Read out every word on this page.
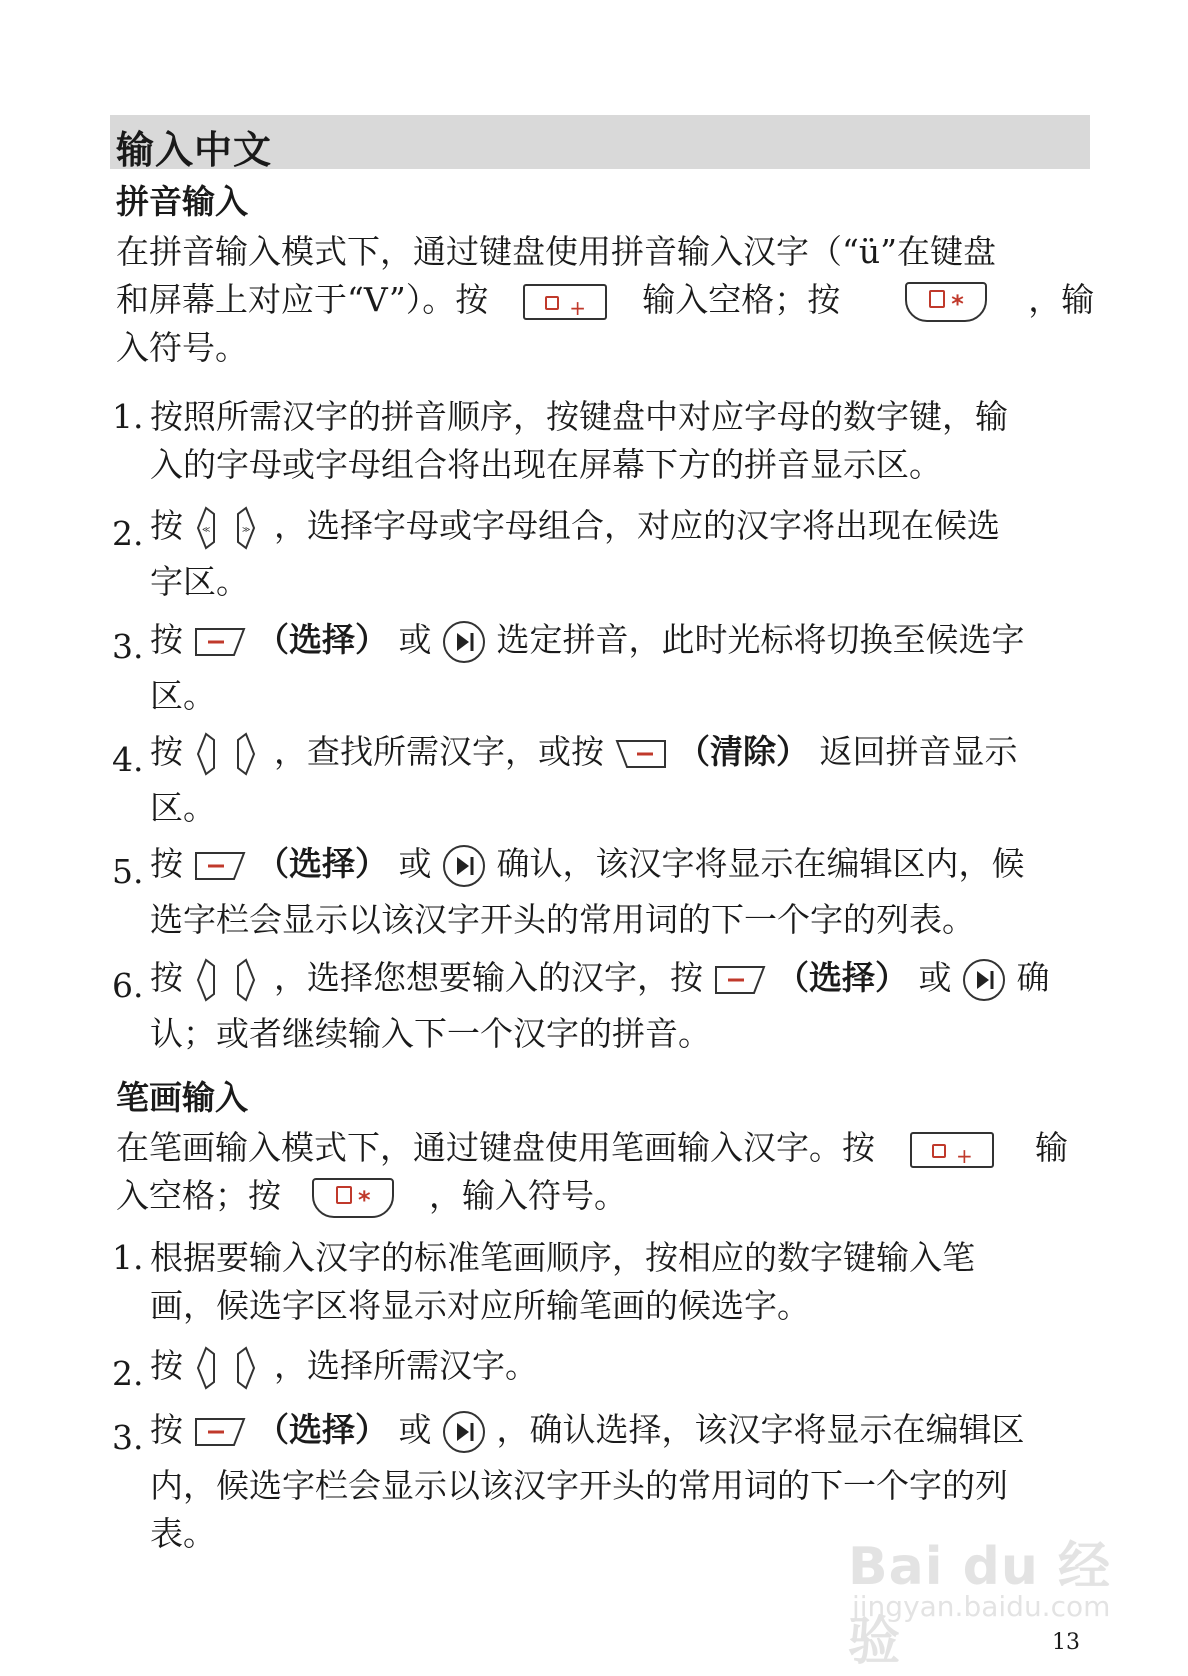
输入中文
拼音输入
在拼音输入模式下，通过键盘使用拼音输入汉字（“ü”在键盘
和屏幕上对应于“V”）。按	+ 输入空格；按	* ，输
入符号。
1. 按照所需汉字的拼音顺序，按键盘中对应字母的数字键，输
入的字母或字母组合将出现在屏幕下方的拼音显示区。
2. 按 ≪	≫ ，选择字母或字母组合，对应的汉字将出现在候选
字区。
3. 按 （选择） 或 选定拼音，此时光标将切换至候选字
区。
4. 按	，查找所需汉字，或按 （清除） 返回拼音显示
区。
5. 按 （选择） 或 确认，该汉字将显示在编辑区内，候
选字栏会显示以该汉字开头的常用词的下一个字的列表。
6. 按	，选择您想要输入的汉字，按 （选择） 或 确
认；或者继续输入下一个汉字的拼音。
笔画输入
在笔画输入模式下，通过键盘使用笔画输入汉字。按	+ 输
入空格；按	* ，输入符号。
1. 根据要输入汉字的标准笔画顺序，按相应的数字键输入笔
画，候选字区将显示对应所输笔画的候选字。
2. 按	，选择所需汉字。
3. 按 （选择） 或 ，确认选择，该汉字将显示在编辑区
内，候选字栏会显示以该汉字开头的常用词的下一个字的列
表。
Bai du 经验
jingyan.baidu.com
13
